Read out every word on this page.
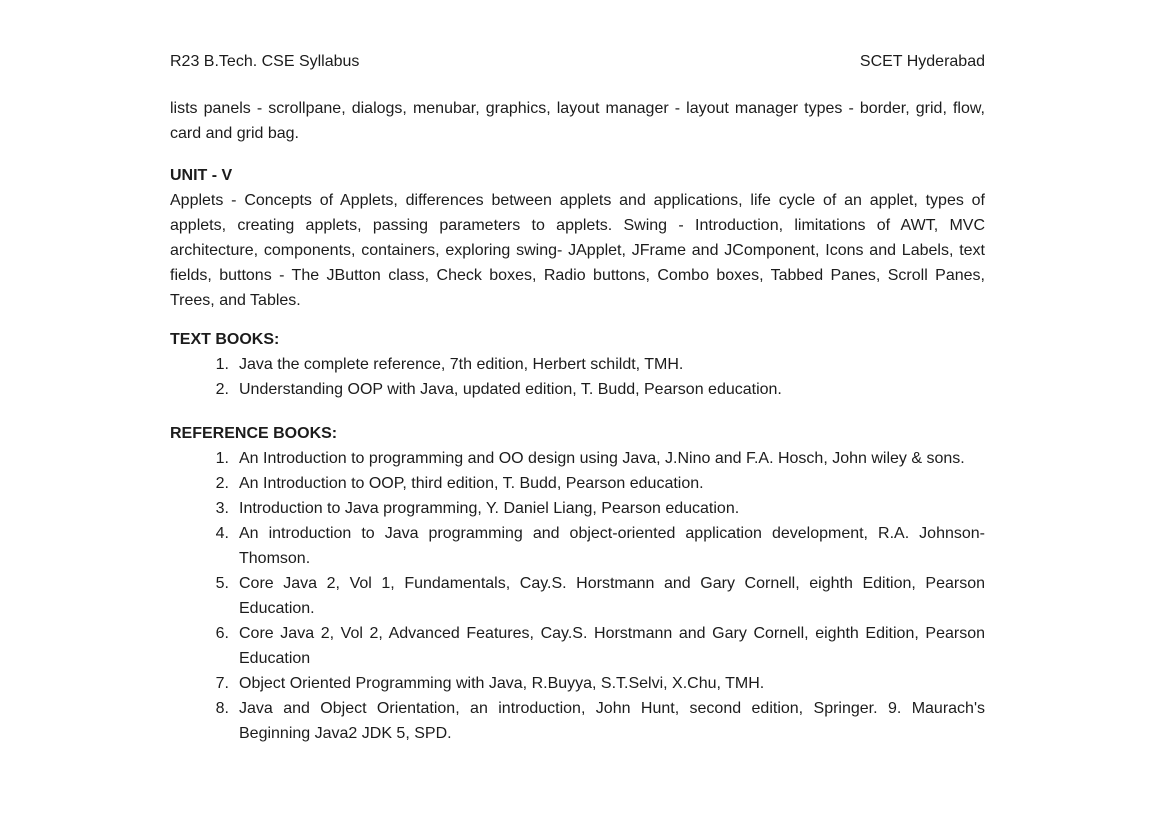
R23 B.Tech. CSE Syllabus	SCET Hyderabad

lists panels - scrollpane, dialogs, menubar, graphics, layout manager - layout manager types - border, grid, flow, card and grid bag.

UNIT - V

Applets - Concepts of Applets, differences between applets and applications, life cycle of an applet, types of applets, creating applets, passing parameters to applets. Swing - Introduction, limitations of AWT, MVC architecture, components, containers, exploring swing- JApplet, JFrame and JComponent, Icons and Labels, text fields, buttons - The JButton class, Check boxes, Radio buttons, Combo boxes, Tabbed Panes, Scroll Panes, Trees, and Tables.

TEXT BOOKS:
1. Java the complete reference, 7th edition, Herbert schildt, TMH.
2. Understanding OOP with Java, updated edition, T. Budd, Pearson education.
REFERENCE BOOKS:
1. An Introduction to programming and OO design using Java, J.Nino and F.A. Hosch, John wiley & sons.
2. An Introduction to OOP, third edition, T. Budd, Pearson education.
3. Introduction to Java programming, Y. Daniel Liang, Pearson education.
4. An introduction to Java programming and object-oriented application development, R.A. Johnson- Thomson.
5. Core Java 2, Vol 1, Fundamentals, Cay.S. Horstmann and Gary Cornell, eighth Edition, Pearson Education.
6. Core Java 2, Vol 2, Advanced Features, Cay.S. Horstmann and Gary Cornell, eighth Edition, Pearson Education
7. Object Oriented Programming with Java, R.Buyya, S.T.Selvi, X.Chu, TMH.
8. Java and Object Orientation, an introduction, John Hunt, second edition, Springer. 9. Maurach's Beginning Java2 JDK 5, SPD.
